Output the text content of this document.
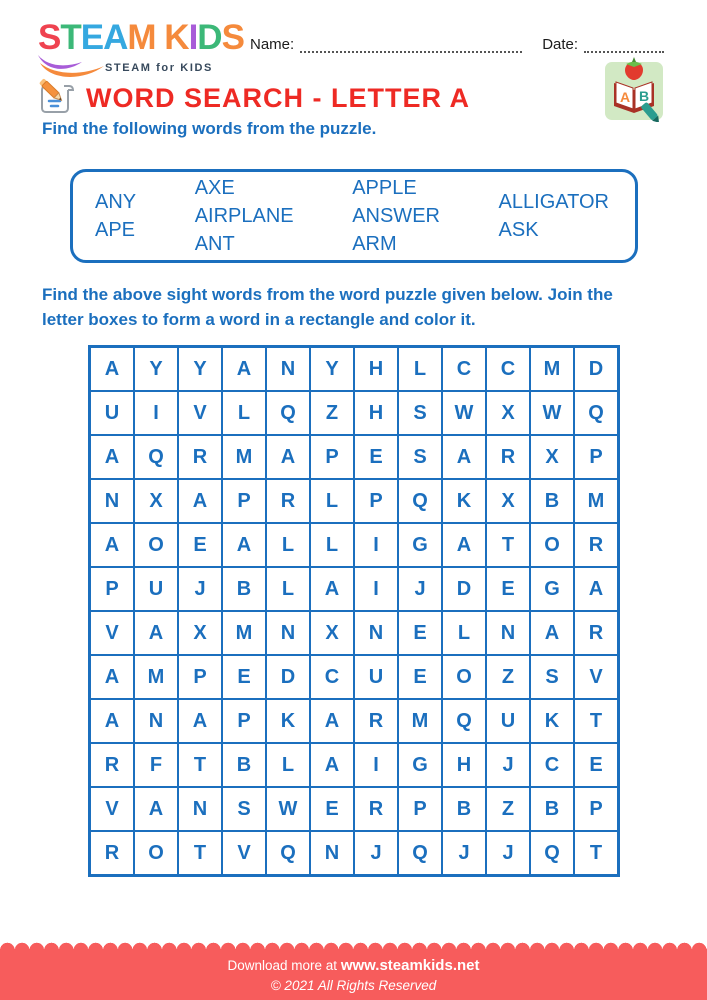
STEAM KIDS
STEAM for KIDS
Name:	Date:
A B
WORD SEARCH - LETTER A

Find the following words from the puzzle.

ANY
APE
AXE
AIRPLANE
ANT
APPLE
ANSWER
ARM
ALLIGATOR
ASK

Find the above sight words from the word puzzle given below. Join the letter boxes to form a word in a rectangle and color it.

A	Y	Y	A	N	Y	H	L	C	C	M	D
U	I	V	L	Q	Z	H	S	W	X	W	Q
A	Q	R	M	A	P	E	S	A	R	X	P
N	X	A	P	R	L	P	Q	K	X	B	M
A	O	E	A	L	L	I	G	A	T	O	R
P	U	J	B	L	A	I	J	D	E	G	A
V	A	X	M	N	X	N	E	L	N	A	R
A	M	P	E	D	C	U	E	O	Z	S	V
A	N	A	P	K	A	R	M	Q	U	K	T
R	F	T	B	L	A	I	G	H	J	C	E
V	A	N	S	W	E	R	P	B	Z	B	P
R	O	T	V	Q	N	J	Q	J	J	Q	T
Download more at www.steamkids.net
© 2021 All Rights Reserved
